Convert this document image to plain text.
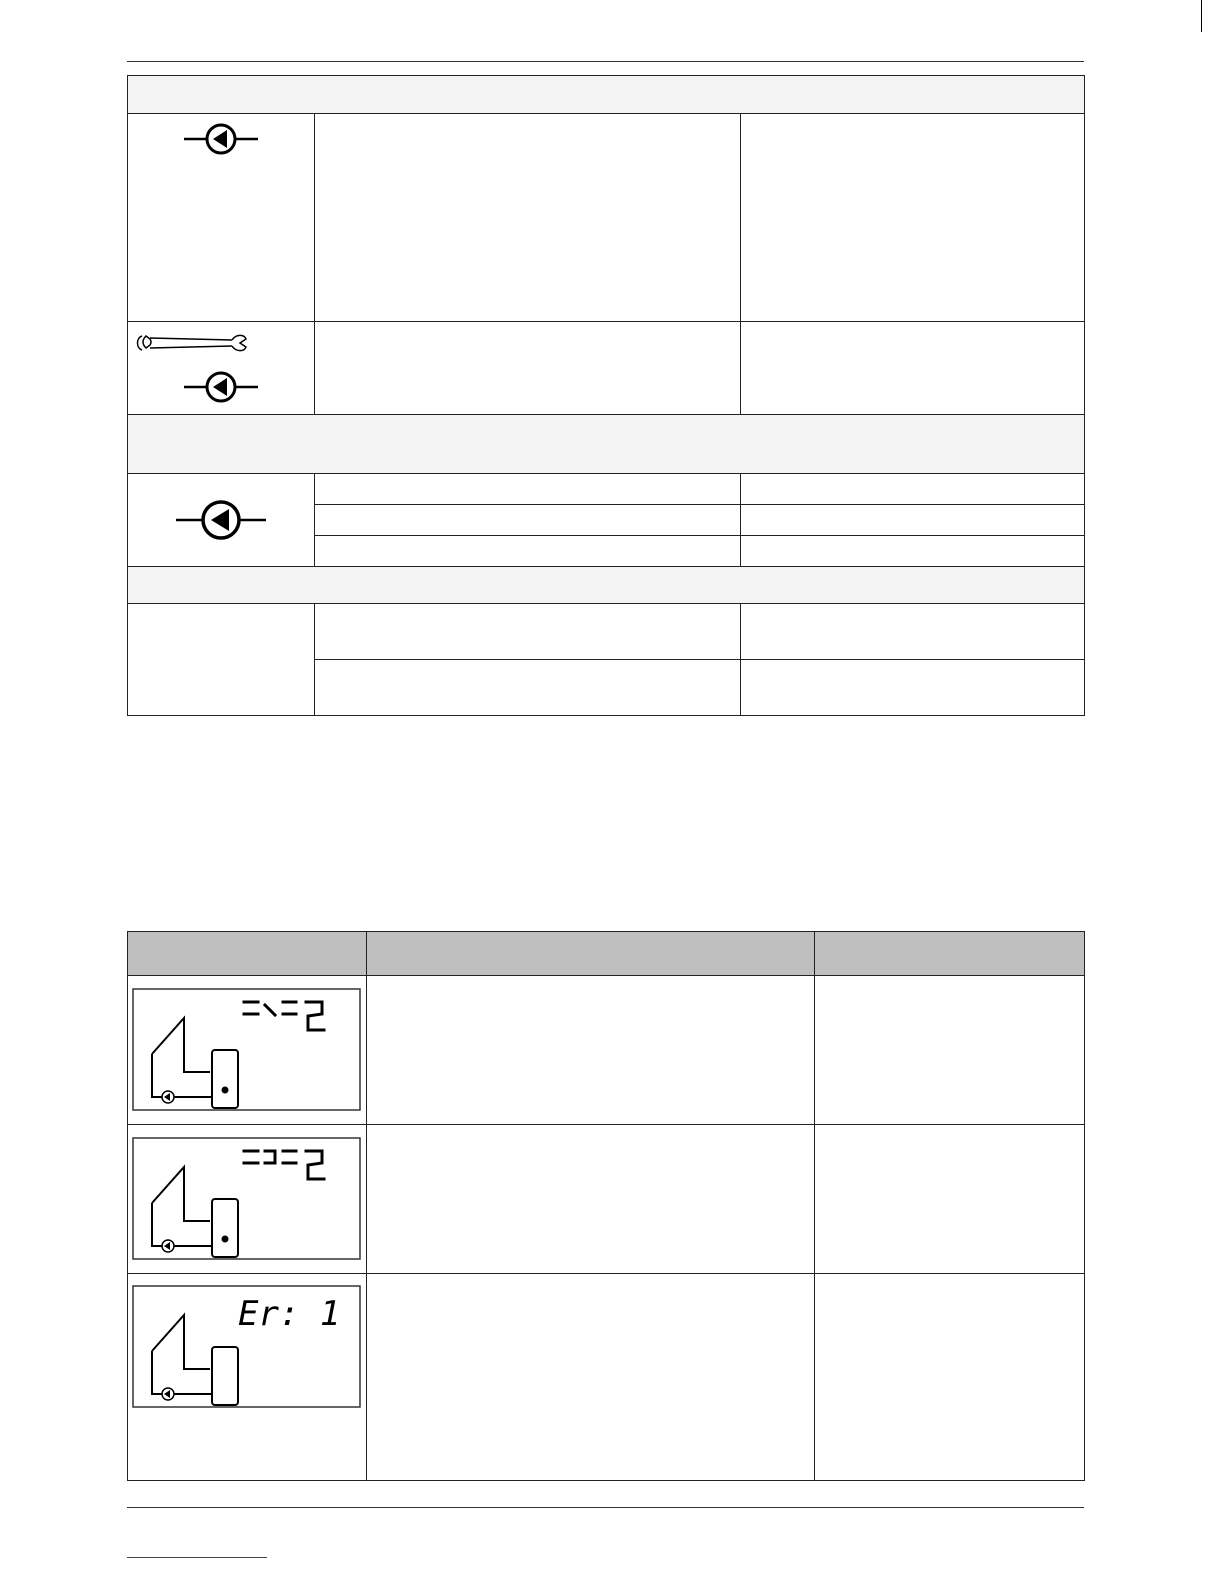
Er: 1		
